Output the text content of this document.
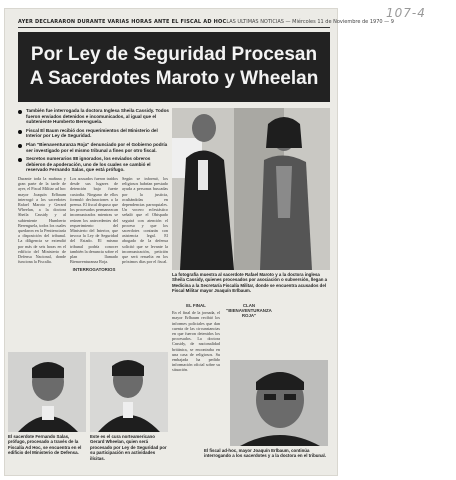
107-4
AYER DECLARARON DURANTE VARIAS HORAS ANTE EL FISCAL AD HOC LAS ULTIMAS NOTICIAS — Miércoles 11 de Noviembre de 1970 — 9
Por Ley de Seguridad Procesan
A Sacerdotes Maroto y Wheelan
También fue interrogada la doctora Inglesa Sheila Cassidy. Todos fueron enviados detenidos e incomunicados, al igual que el subteniente Humberto Berenguela.
Fiscal El Baum recibió dos requerimientos del Ministerio del Interior por Ley de Seguridad.
Plan "Bienaventuranza Roja" denunciado por el Gobierno podría ser investigado por el mismo tribunal a fines por otro fiscal.
Secretos numerarios 88 ignorados, los enviados obreros debieron de apoderación, uno de los cuales se cambió el reservado Fernando Salas, que está prófugo.

Durante toda la mañana y gran parte de la tarde de ayer, el Fiscal Militar ad hoc mayor Joaquín Erlbaum interrogó a los sacerdotes Rafael Maroto y Gerard Wheelan, a la doctora Sheila Cassidy y al subteniente Humberto Berenguela, todos los cuales quedaron en la Penitenciaría a disposición del tribunal. La diligencia se extendió por más de seis horas en el edificio del Ministerio de Defensa Nacional, donde funciona la Fiscalía.

Los acusados fueron traídos desde sus lugares de detención bajo fuerte custodia. Ninguno de ellos formuló declaraciones a la prensa. El fiscal dispuso que los procesados permanezcan incomunicados mientras se reúnen los antecedentes del requerimiento del Ministerio del Interior, que invoca la Ley de Seguridad del Estado. El mismo tribunal podría conocer también la denuncia sobre el plan llamado Bienaventuranza Roja.

INTERROGATORIOS

Según se informó, los religiosos habrían prestado ayuda a personas buscadas por la justicia, ocultándolas en dependencias parroquiales. Un vocero eclesiástico señaló que el Obispado seguirá con atención el proceso y que los sacerdotes contarán con asistencia legal. El abogado de la defensa solicitó que se levante la incomunicación, petición que será resuelta en los próximos días por el fiscal.

La fotografía muestra al sacerdote Rafael Maroto y a la doctora inglesa Sheila Cassidy, quienes procesados por asociación o subversión, llegan a Medicina a la Secretaría Fiscalía Militar, donde se encuentra acusados del Fiscal Militar mayor Joaquín Erlbaum.
EL FINAL

En el final de la jornada, el mayor Erlbaum recibió los informes policiales que dan cuenta de las circunstancias en que fueron detenidos los procesados. La doctora Cassidy, de nacionalidad británica, se encontraba en una casa de religiosos. Su embajada ha pedido información oficial sobre su situación.

CLAN "BIENAVENTURANZA ROJA"
El sacerdote Fernando Salas, prófugo, procesado a través de la Fiscalía Ad Hoc, se encuentra en el edificio del Ministerio de Defensa.
Este es el cura norteamericano Gerard Wheelan, quien será procesado por Ley de Seguridad por su participación en actividades ilícitas.
El fiscal ad-hoc, mayor Joaquín Erlbaum, continúa interrogando a los sacerdotes y a la doctora en el tribunal.
